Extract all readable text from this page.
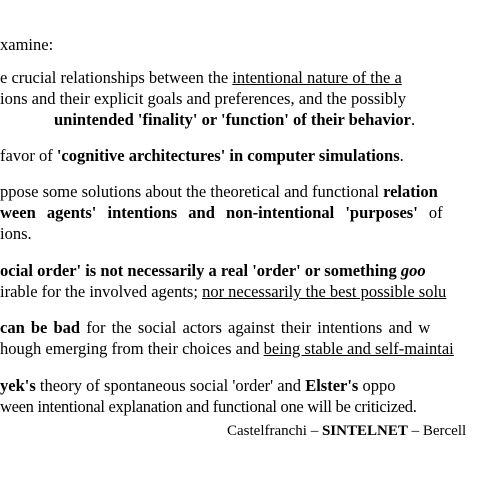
xamine:
e crucial relationships between the intentional nature of the a
ions and their explicit goals and preferences, and the possibly
unintended 'finality' or 'function' of their behavior.
favor of 'cognitive architectures' in computer simulations.
ppose some solutions about the theoretical and functional relation
ween agents' intentions and non-intentional 'purposes' of
ions.
ocial order' is not necessarily a real 'order' or something goo
irable for the involved agents; nor necessarily the best possible solu
can be bad for the social actors against their intentions and w
hough emerging from their choices and being stable and self-maintai
yek's theory of spontaneous social 'order' and Elster's oppo
ween intentional explanation and functional one will be criticized.
Castelfranchi – SINTELNET – Bercell
